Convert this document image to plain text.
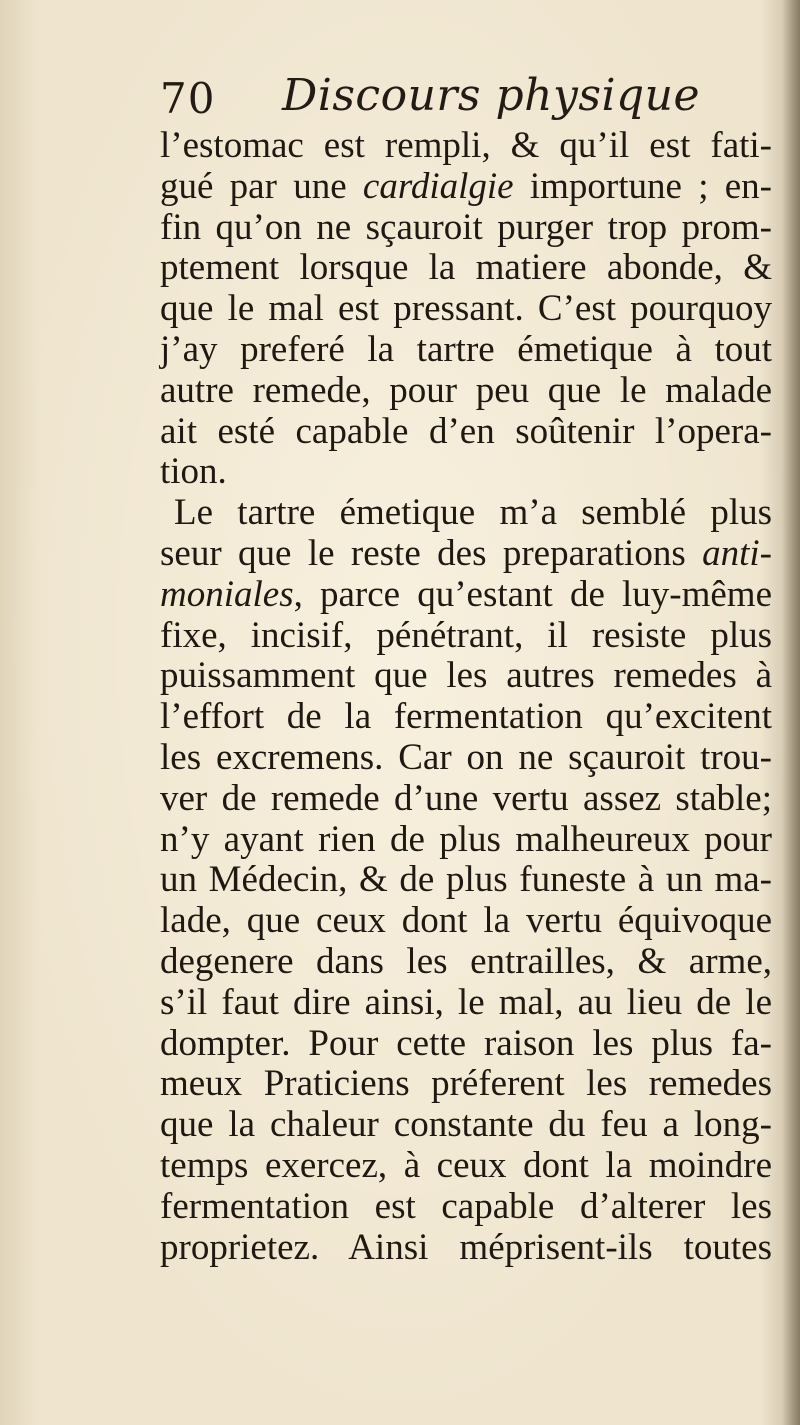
70 Discours physique
l’estomac est rempli, & qu’il est fati-
gué par une cardialgie importune ; en-
fin qu’on ne sçauroit purger trop prom-
ptement lorsque la matiere abonde, &
que le mal est pressant. C’est pourquoy
j’ay preferé la tartre émetique à tout
autre remede, pour peu que le malade
ait esté capable d’en soûtenir l’opera-
tion.
Le tartre émetique m’a semblé plus
seur que le reste des preparations anti-
moniales, parce qu’estant de luy-même
fixe, incisif, pénétrant, il resiste plus
puissamment que les autres remedes à
l’effort de la fermentation qu’excitent
les excremens. Car on ne sçauroit trou-
ver de remede d’une vertu assez stable;
n’y ayant rien de plus malheureux pour
un Médecin, & de plus funeste à un ma-
lade, que ceux dont la vertu équivoque
degenere dans les entrailles, & arme,
s’il faut dire ainsi, le mal, au lieu de le
dompter. Pour cette raison les plus fa-
meux Praticiens préferent les remedes
que la chaleur constante du feu a long-
temps exercez, à ceux dont la moindre
fermentation est capable d’alterer les
proprietez. Ainsi méprisent-ils toutes
